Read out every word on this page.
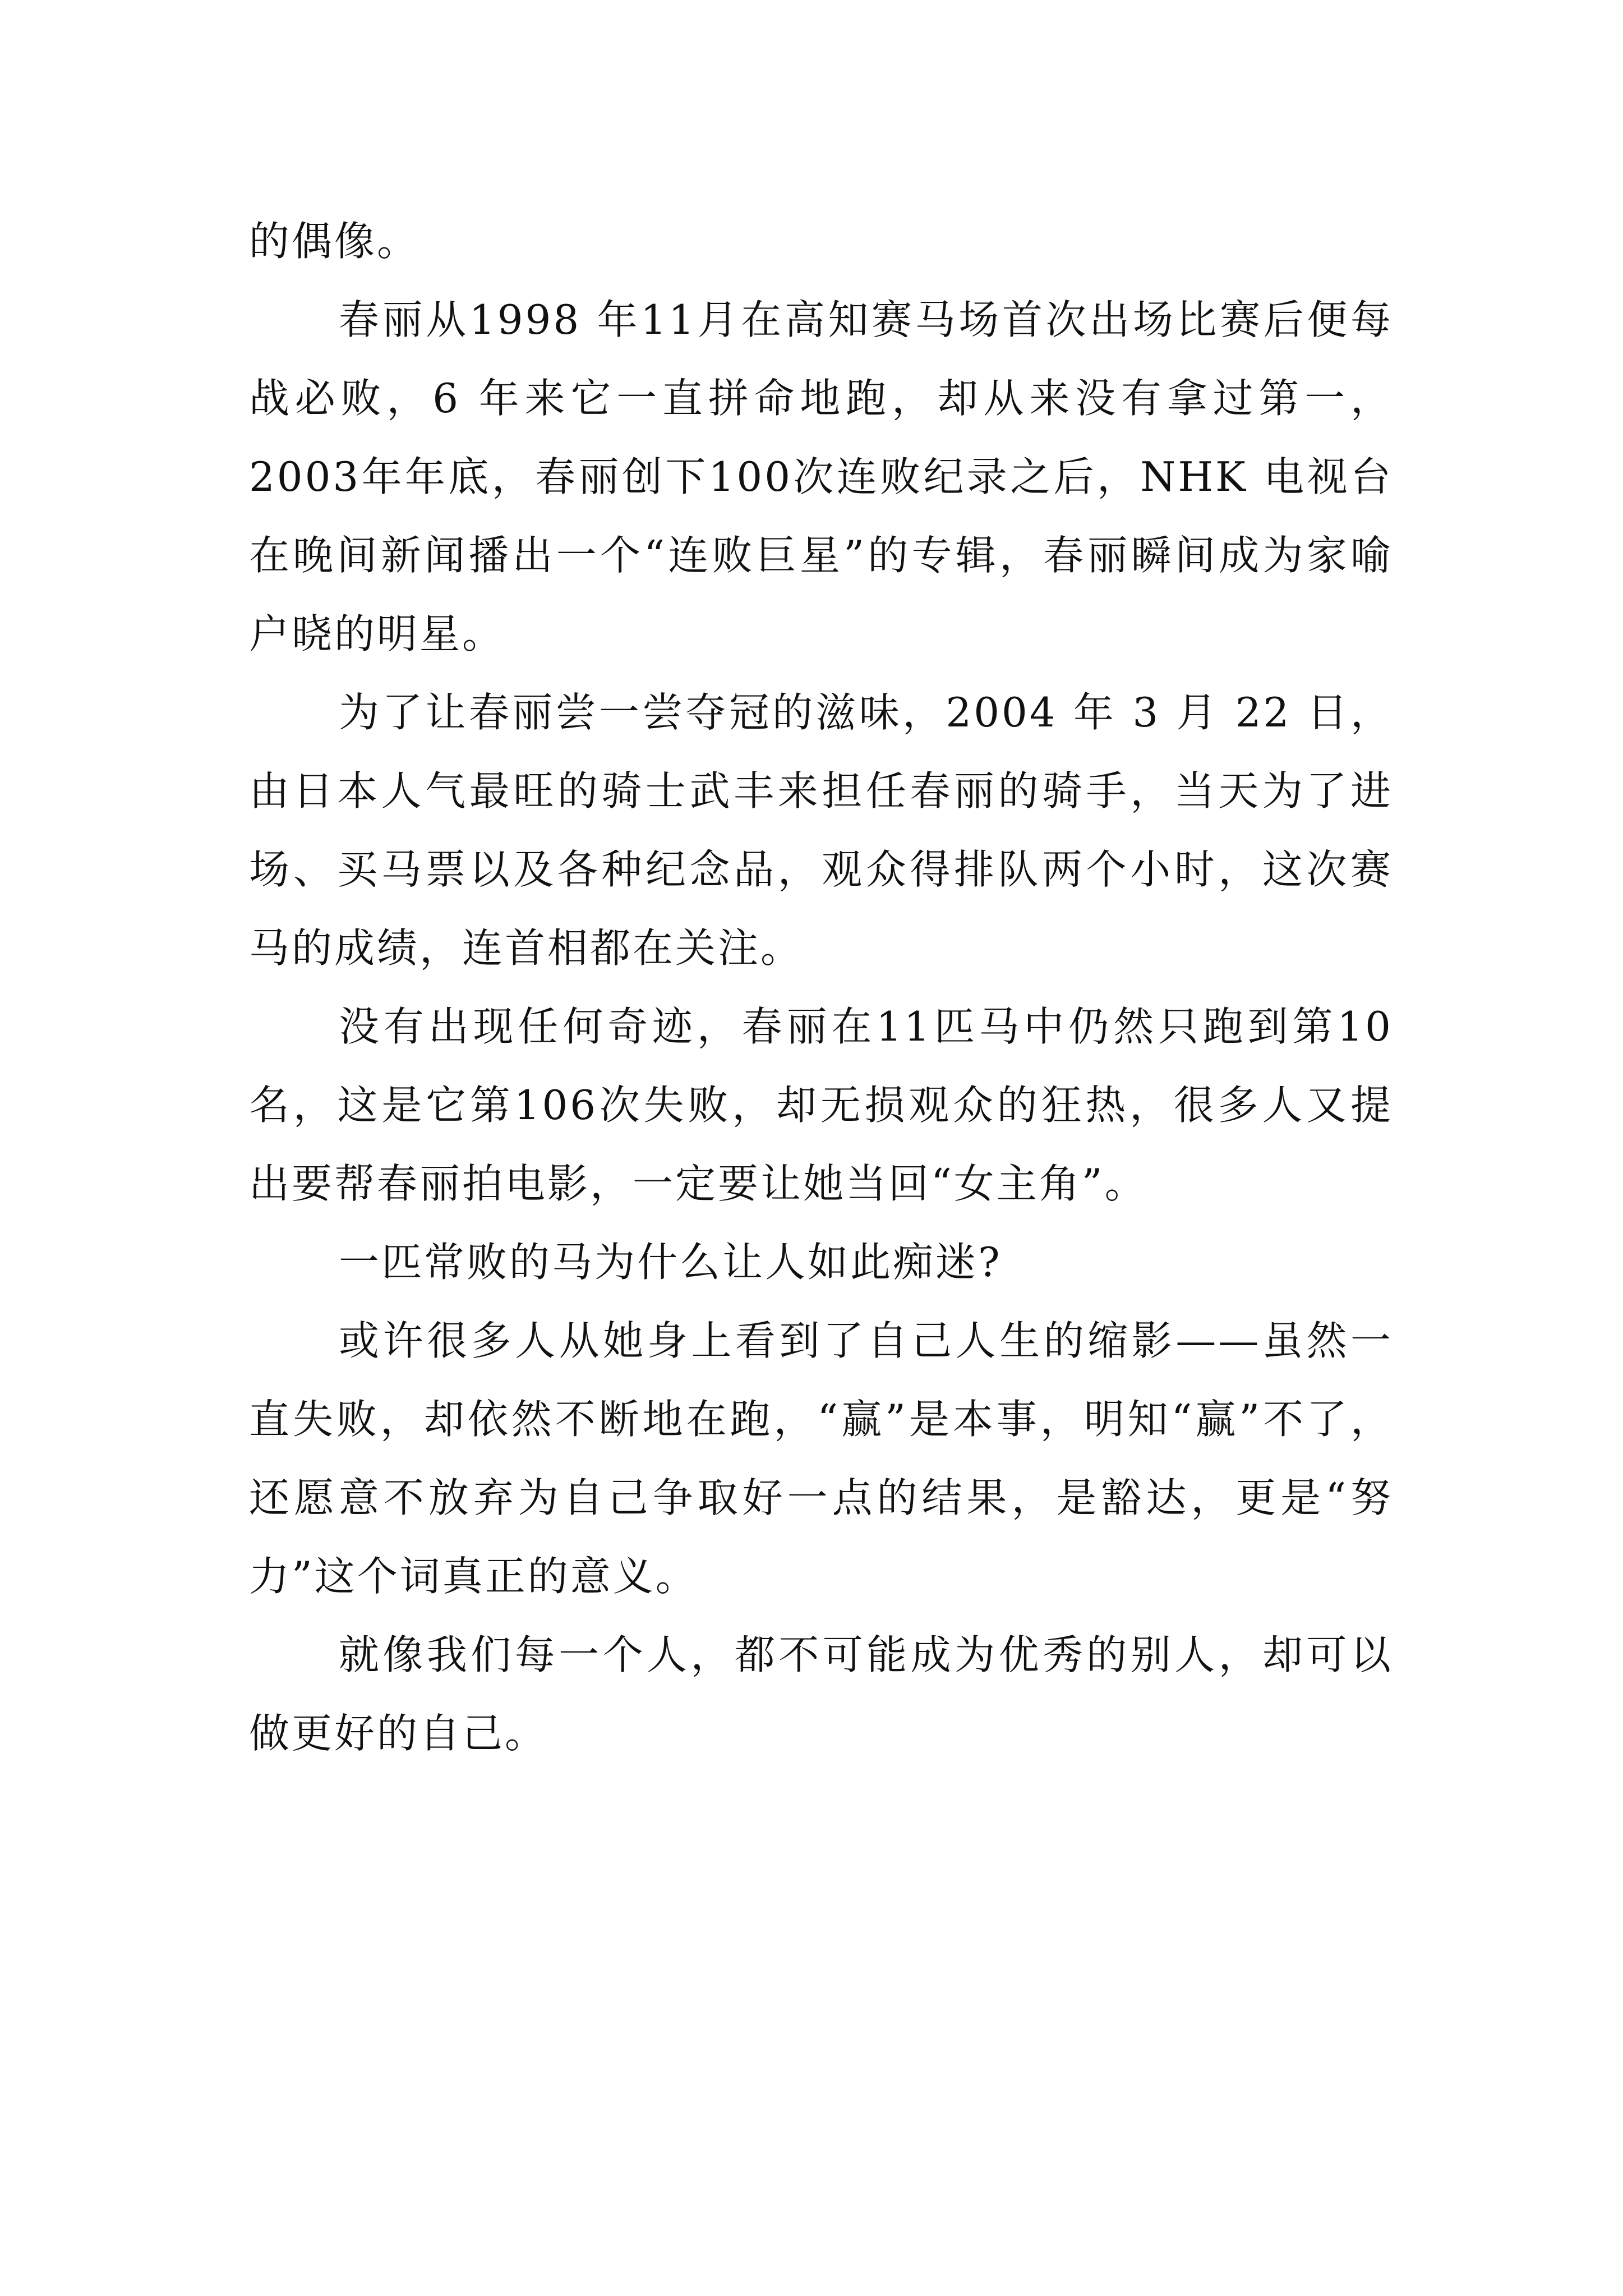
的偶像。

春丽从1998 年11月在高知赛马场首次出场比赛后便每战必败，6 年来它一直拼命地跑，却从来没有拿过第一，2003年年底，春丽创下100次连败纪录之后，NHK 电视台在晚间新闻播出一个“连败巨星”的专辑，春丽瞬间成为家喻户晓的明星。

为了让春丽尝一尝夺冠的滋味，2004 年 3 月 22 日，由日本人气最旺的骑士武丰来担任春丽的骑手，当天为了进场、买马票以及各种纪念品，观众得排队两个小时，这次赛马的成绩，连首相都在关注。

没有出现任何奇迹，春丽在11匹马中仍然只跑到第10名，这是它第106次失败，却无损观众的狂热，很多人又提出要帮春丽拍电影，一定要让她当回“女主角”。

一匹常败的马为什么让人如此痴迷?

或许很多人从她身上看到了自己人生的缩影——虽然一直失败，却依然不断地在跑，“赢”是本事，明知“赢”不了，还愿意不放弃为自己争取好一点的结果，是豁达，更是“努力”这个词真正的意义。

就像我们每一个人，都不可能成为优秀的别人，却可以做更好的自己。
